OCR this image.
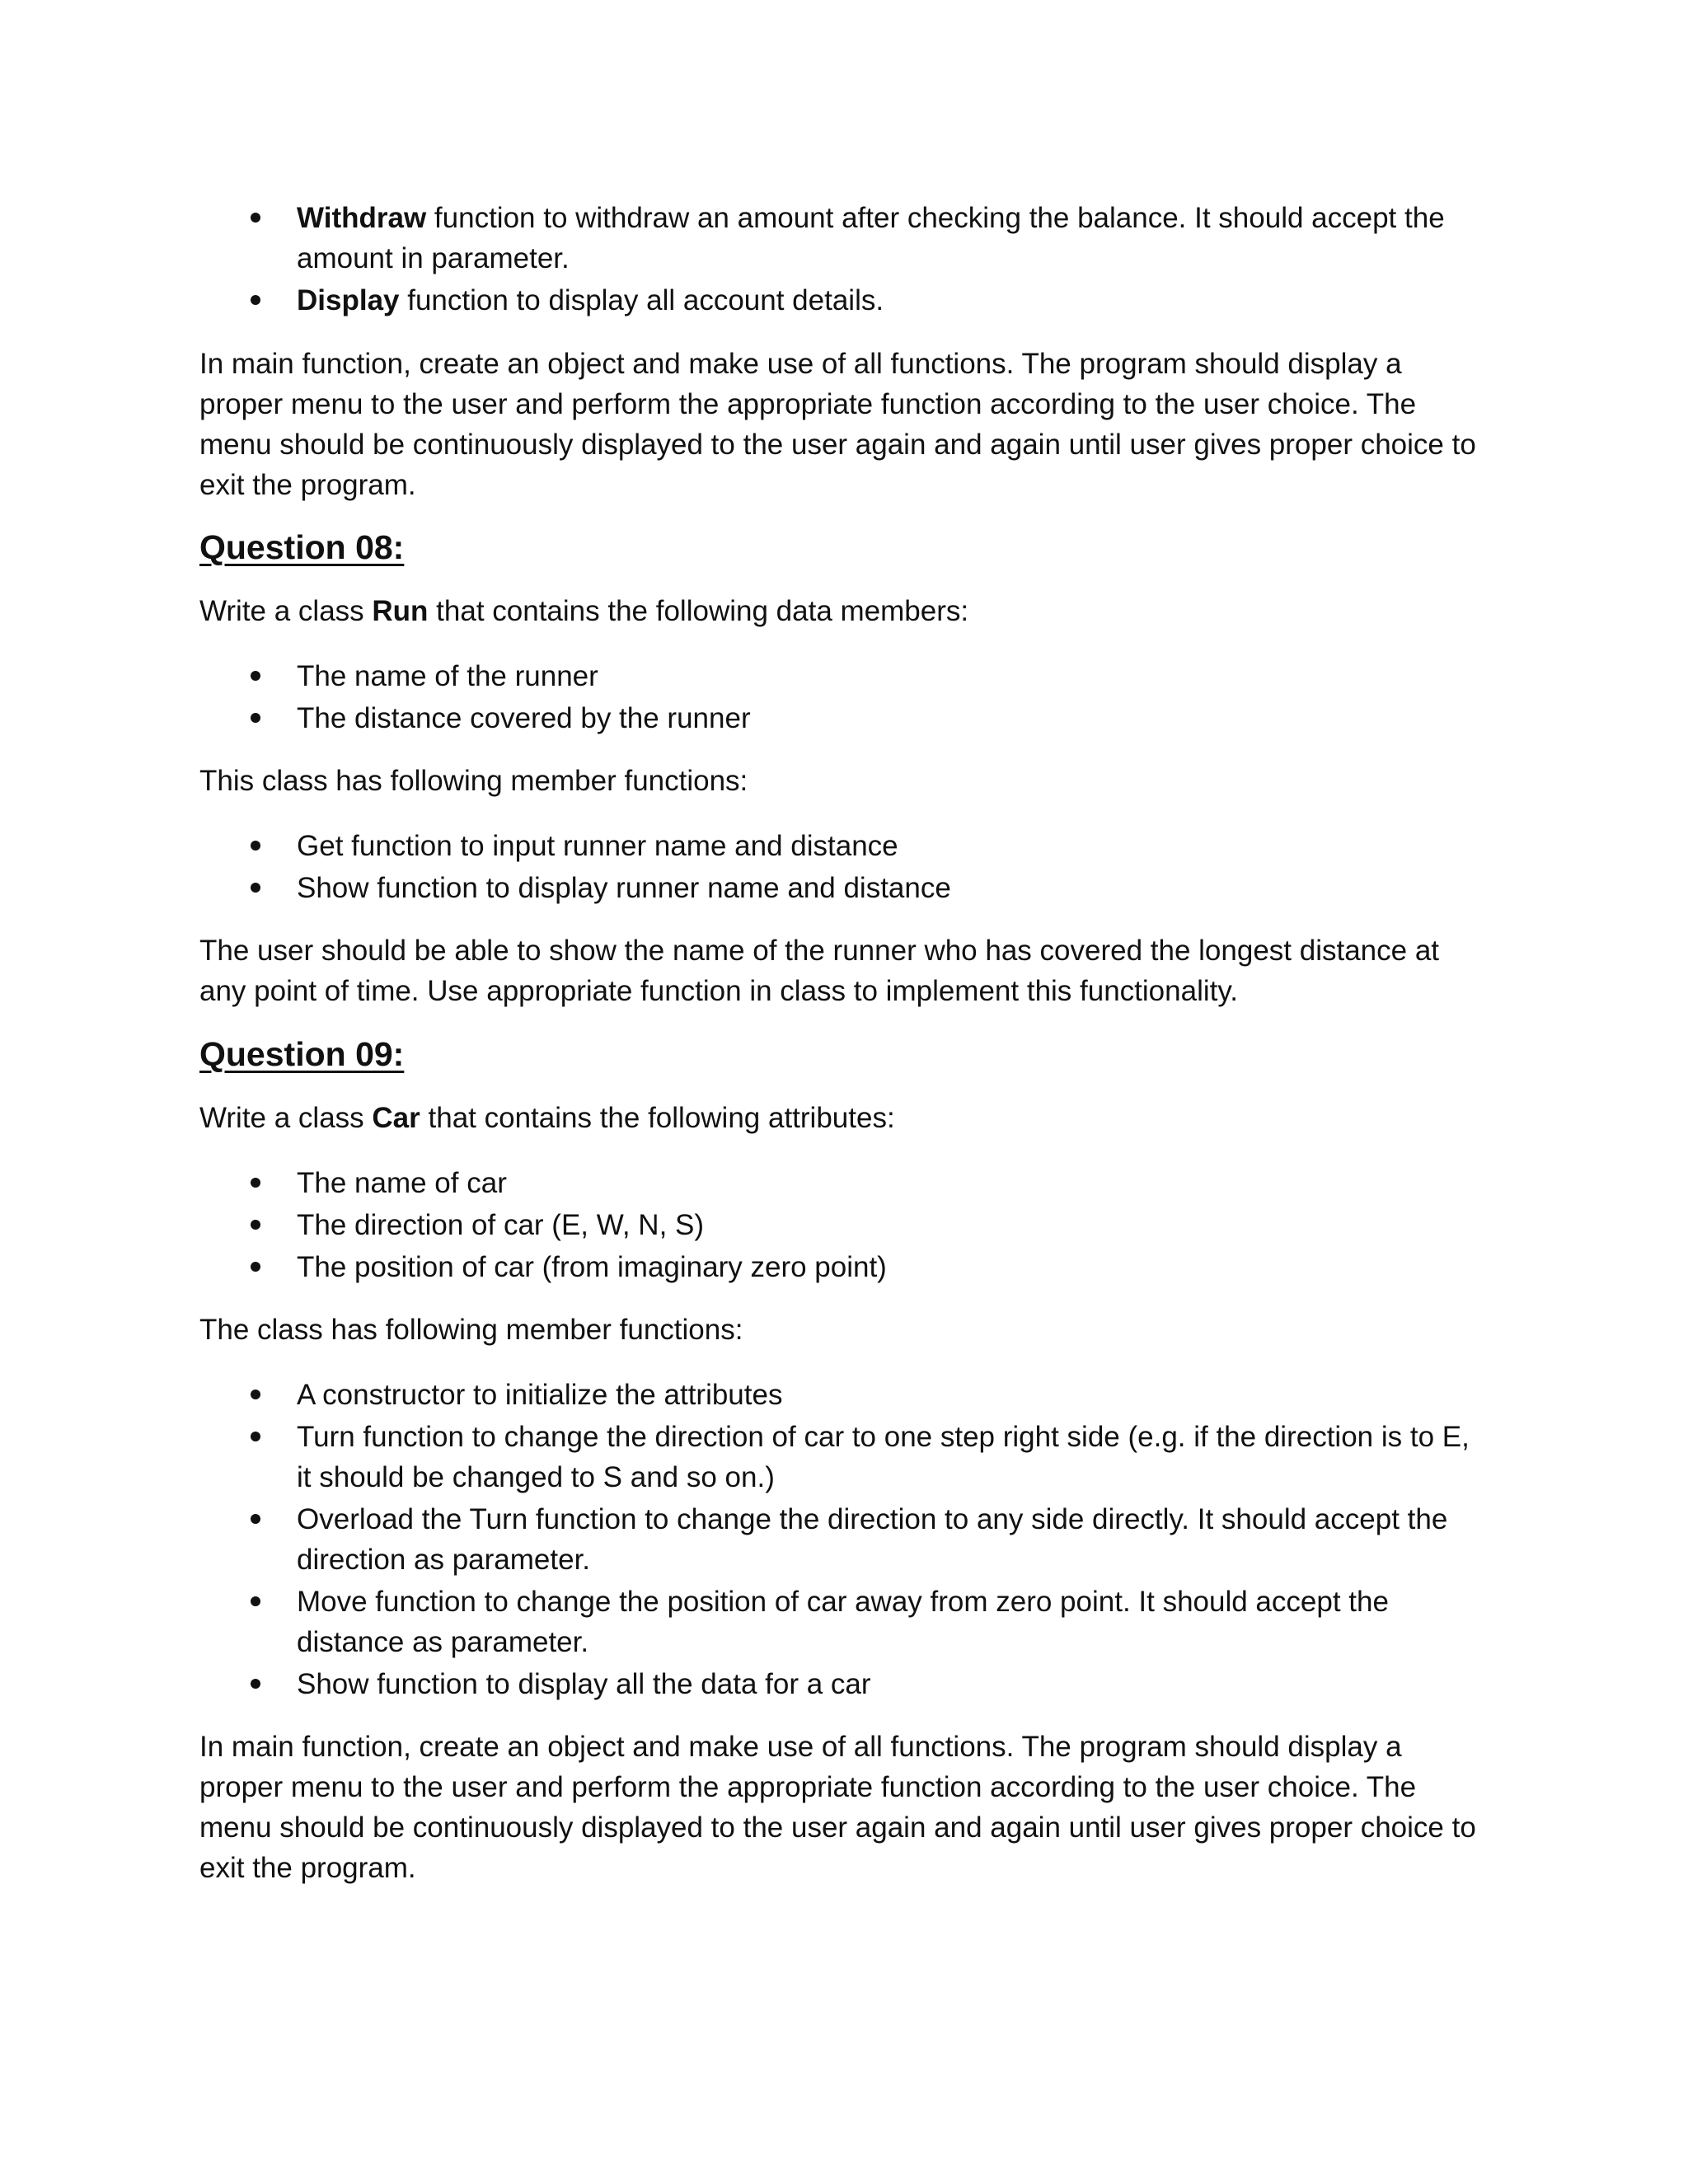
Withdraw function to withdraw an amount after checking the balance. It should accept the amount in parameter.
Display function to display all account details.

In main function, create an object and make use of all functions. The program should display a proper menu to the user and perform the appropriate function according to the user choice. The menu should be continuously displayed to the user again and again until user gives proper choice to exit the program.

Question 08:

Write a class Run that contains the following data members:

The name of the runner
The distance covered by the runner

This class has following member functions:

Get function to input runner name and distance
Show function to display runner name and distance

The user should be able to show the name of the runner who has covered the longest distance at any point of time. Use appropriate function in class to implement this functionality.

Question 09:

Write a class Car that contains the following attributes:

The name of car
The direction of car (E, W, N, S)
The position of car (from imaginary zero point)

The class has following member functions:

A constructor to initialize the attributes
Turn function to change the direction of car to one step right side (e.g. if the direction is to E, it should be changed to S and so on.)
Overload the Turn function to change the direction to any side directly. It should accept the direction as parameter.
Move function to change the position of car away from zero point. It should accept the distance as parameter.
Show function to display all the data for a car

In main function, create an object and make use of all functions. The program should display a proper menu to the user and perform the appropriate function according to the user choice. The menu should be continuously displayed to the user again and again until user gives proper choice to exit the program.
